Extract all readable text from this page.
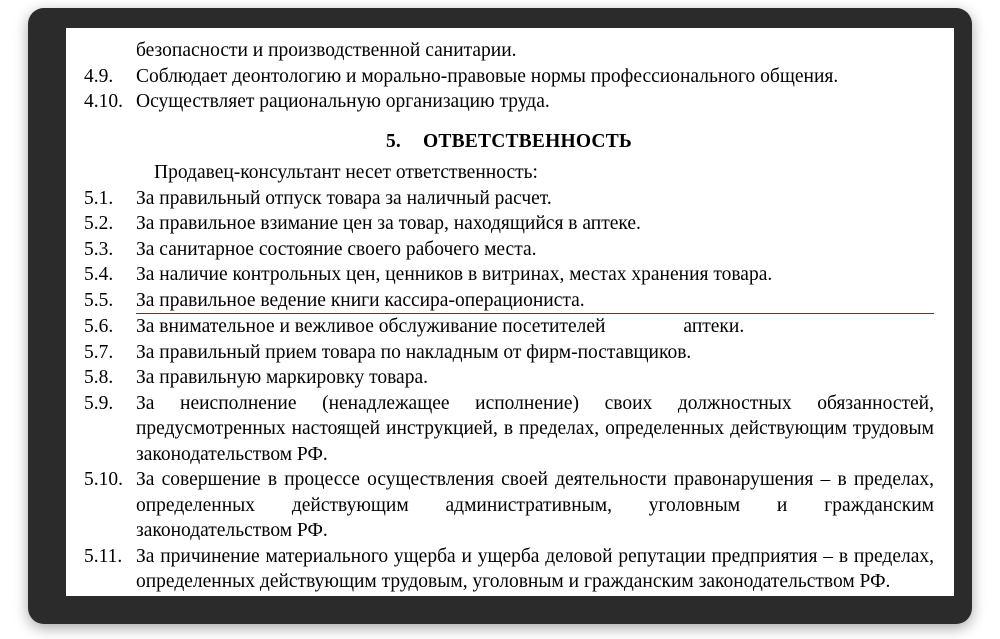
безопасности и производственной санитарии.
4.9.	Соблюдает деонтологию и морально-правовые нормы профессионального общения.
4.10. Осуществляет рациональную организацию труда.
5. ОТВЕТСТВЕННОСТЬ
Продавец-консультант несет ответственность:
5.1.	За правильный отпуск товара за наличный расчет.
5.2.	За правильное взимание цен за товар, находящийся в аптеке.
5.3.	За санитарное состояние своего рабочего места.
5.4.	За наличие контрольных цен, ценников в витринах, местах хранения товара.
5.5.	За правильное ведение книги кассира-операциониста.
5.6.	За внимательное и вежливое обслуживание посетителей	аптеки.
5.7.	За правильный прием товара по накладным от фирм-поставщиков.
5.8.	За правильную маркировку товара.
5.9.	За неисполнение (ненадлежащее исполнение) своих должностных обязанностей, предусмотренных настоящей инструкцией, в пределах, определенных действующим трудовым законодательством РФ.
5.10. За совершение в процессе осуществления своей деятельности правонарушения – в пределах, определенных действующим административным, уголовным и гражданским законодательством РФ.
5.11. За причинение материального ущерба и ущерба деловой репутации предприятия – в пределах, определенных действующим трудовым, уголовным и гражданским законодательством РФ.
